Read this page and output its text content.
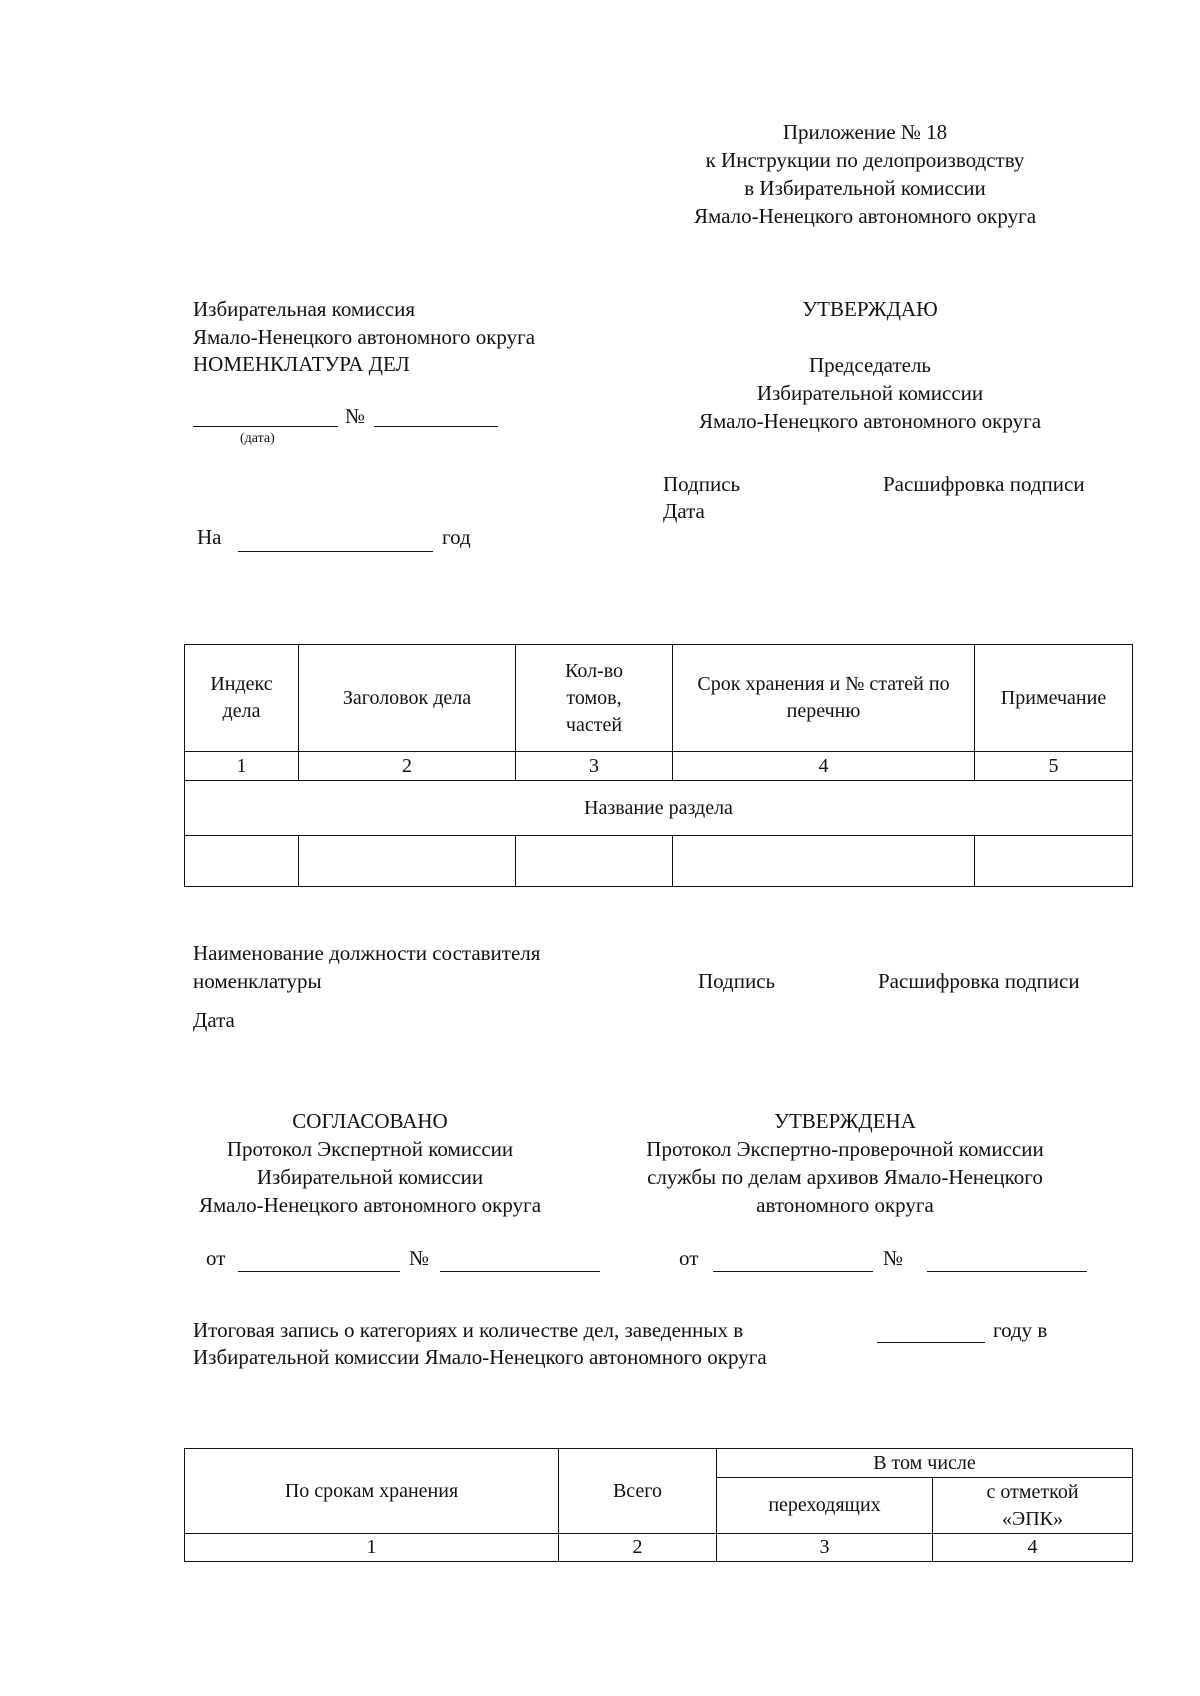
Приложение № 18
к Инструкции по делопроизводству
в Избирательной комиссии
Ямало-Ненецкого автономного округа
Избирательная комиссия
Ямало-Ненецкого автономного округа
НОМЕНКЛАТУРА ДЕЛ
№
(дата)
На	год
УТВЕРЖДАЮ
Председатель
Избирательной комиссии
Ямало-Ненецкого автономного округа
Подпись	Расшифровка подписи
Дата
Индекс дела	Заголовок дела	Кол-во томов, частей	Срок хранения и № статей по перечню	Примечание
1	2	3	4	5
Название раздела				

Наименование должности составителя
номенклатуры	Подпись	Расшифровка подписи
Дата
СОГЛАСОВАНО
Протокол Экспертной комиссии
Избирательной комиссии
Ямало-Ненецкого автономного округа
УТВЕРЖДЕНА
Протокол Экспертно-проверочной комиссии
службы по делам архивов Ямало-Ненецкого
автономного округа
от	№	от	№
Итоговая запись о категориях и количестве дел, заведенных в	году в
Избирательной комиссии Ямало-Ненецкого автономного округа
По срокам хранения	Всего	В том числе	
		переходящих	с отметкой «ЭПК»

1	2	3	4
